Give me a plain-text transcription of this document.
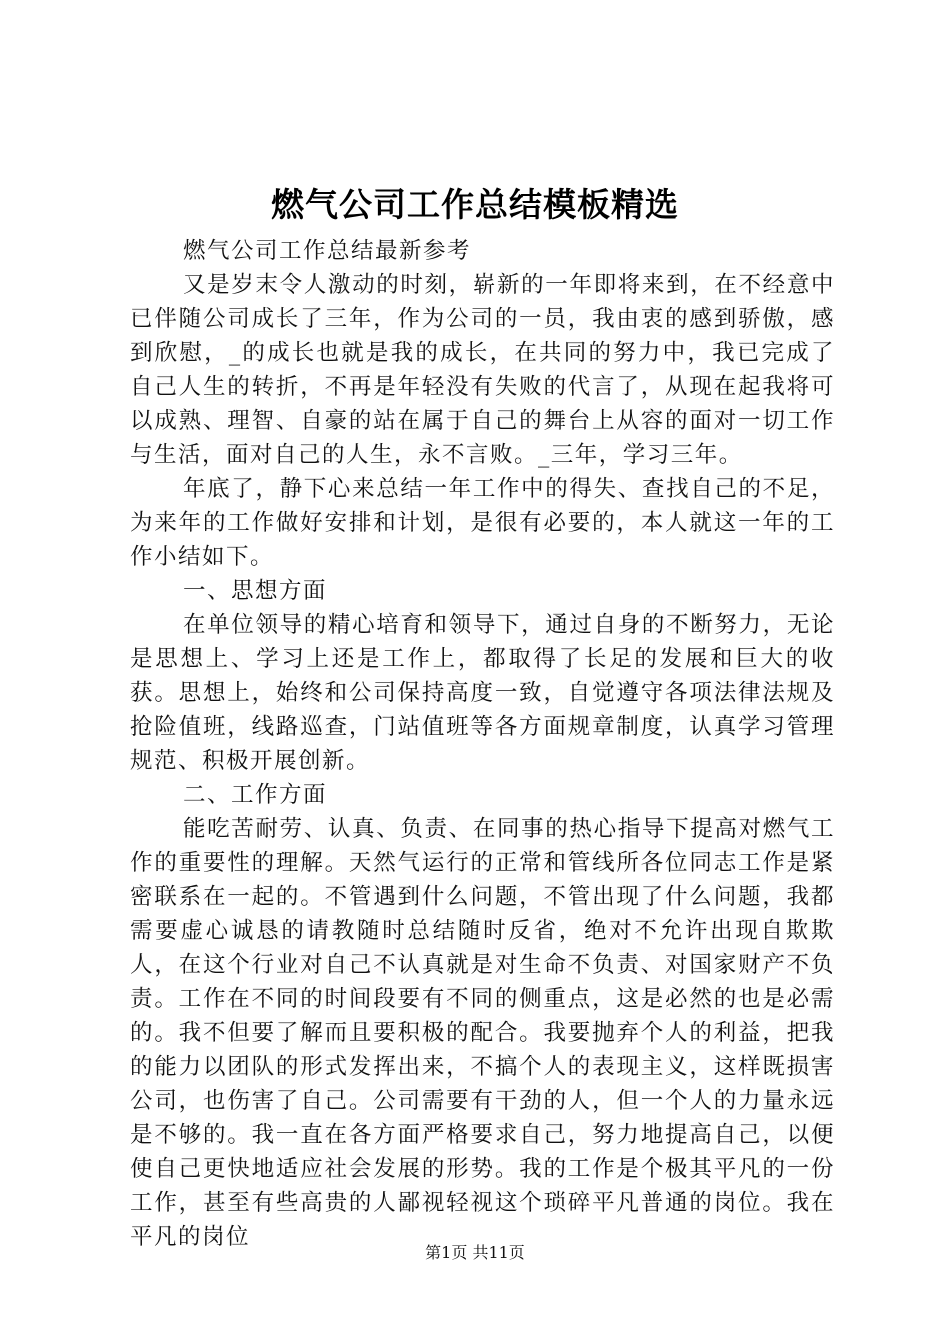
燃气公司工作总结模板精选

燃气公司工作总结最新参考

又是岁末令人激动的时刻，崭新的一年即将来到，在不经意中已伴随公司成长了三年，作为公司的一员，我由衷的感到骄傲，感到欣慰，_的成长也就是我的成长，在共同的努力中，我已完成了自己人生的转折，不再是年轻没有失败的代言了，从现在起我将可以成熟、理智、自豪的站在属于自己的舞台上从容的面对一切工作与生活，面对自己的人生，永不言败。_三年，学习三年。

年底了，静下心来总结一年工作中的得失、查找自己的不足，为来年的工作做好安排和计划，是很有必要的，本人就这一年的工作小结如下。

一、思想方面

在单位领导的精心培育和领导下，通过自身的不断努力，无论是思想上、学习上还是工作上，都取得了长足的发展和巨大的收获。思想上，始终和公司保持高度一致，自觉遵守各项法律法规及抢险值班，线路巡查，门站值班等各方面规章制度，认真学习管理规范、积极开展创新。

二、工作方面

能吃苦耐劳、认真、负责、在同事的热心指导下提高对燃气工作的重要性的理解。天然气运行的正常和管线所各位同志工作是紧密联系在一起的。不管遇到什么问题，不管出现了什么问题，我都需要虚心诚恳的请教随时总结随时反省，绝对不允许出现自欺欺人，在这个行业对自己不认真就是对生命不负责、对国家财产不负责。工作在不同的时间段要有不同的侧重点，这是必然的也是必需的。我不但要了解而且要积极的配合。我要抛弃个人的利益，把我的能力以团队的形式发挥出来，不搞个人的表现主义，这样既损害公司，也伤害了自己。公司需要有干劲的人，但一个人的力量永远是不够的。我一直在各方面严格要求自己，努力地提高自己，以便使自己更快地适应社会发展的形势。我的工作是个极其平凡的一份工作，甚至有些高贵的人鄙视轻视这个琐碎平凡普通的岗位。我在平凡的岗位

第1页 共11页
